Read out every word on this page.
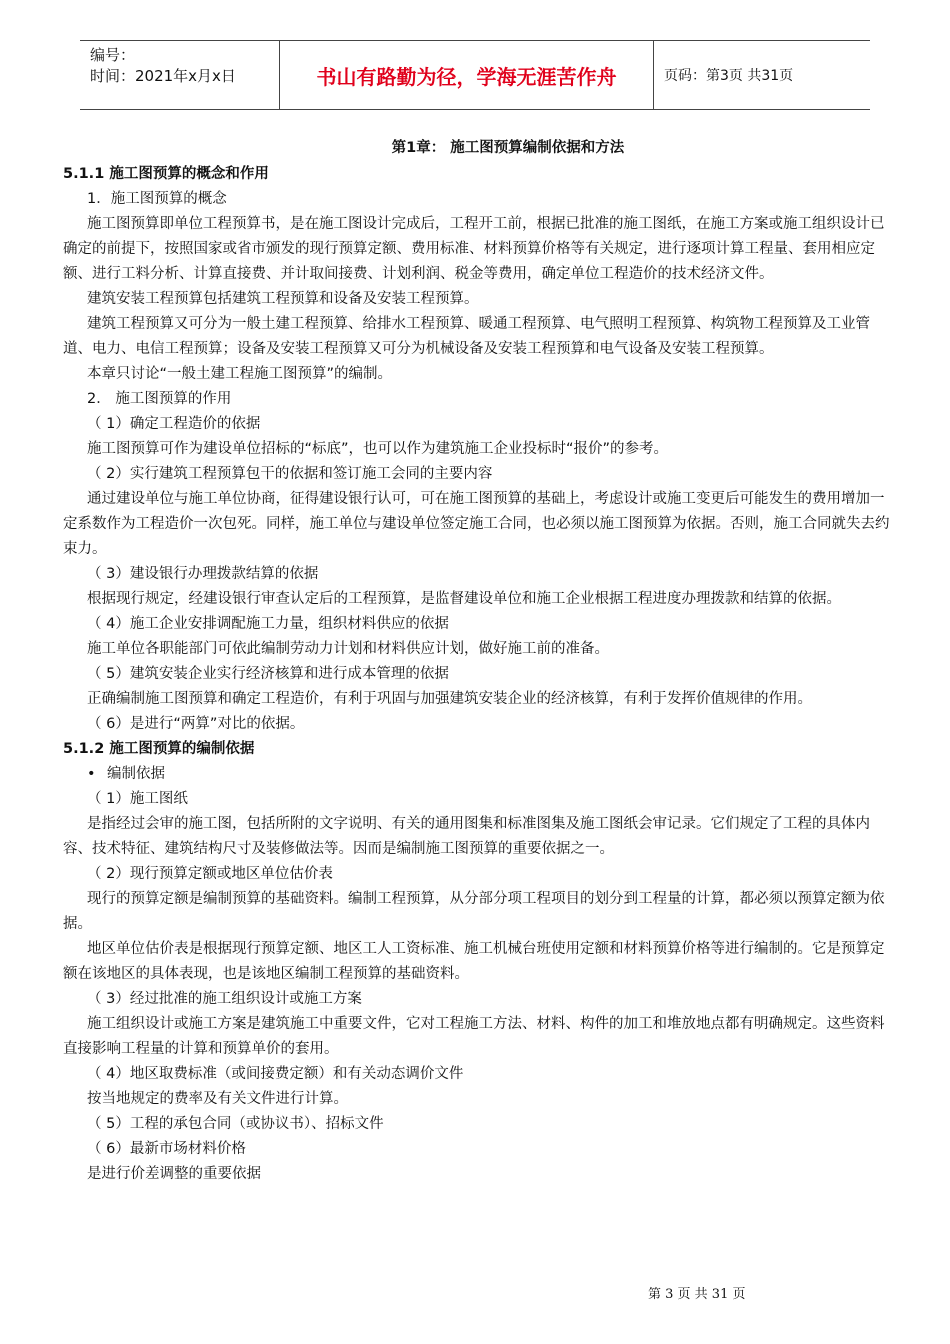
编号：
时间：2021年x月x日	书山有路勤为径，学海无涯苦作舟	页码：第3页 共31页

第1章： 施工图预算编制依据和方法

5.1.1 施工图预算的概念和作用

1．施工图预算的概念

施工图预算即单位工程预算书，是在施工图设计完成后，工程开工前，根据已批准的施工图纸，在施工方案或施工组织设计已确定的前提下，按照国家或省市颁发的现行预算定额、费用标准、材料预算价格等有关规定，进行逐项计算工程量、套用相应定额、进行工料分析、计算直接费、并计取间接费、计划利润、税金等费用，确定单位工程造价的技术经济文件。

建筑安装工程预算包括建筑工程预算和设备及安装工程预算。

建筑工程预算又可分为一般土建工程预算、给排水工程预算、暖通工程预算、电气照明工程预算、构筑物工程预算及工业管道、电力、电信工程预算；设备及安装工程预算又可分为机械设备及安装工程预算和电气设备及安装工程预算。

本章只讨论“一般土建工程施工图预算”的编制。

2． 施工图预算的作用

（ 1）确定工程造价的依据

施工图预算可作为建设单位招标的“标底”，也可以作为建筑施工企业投标时“报价”的参考。

（ 2）实行建筑工程预算包干的依据和签订施工会同的主要内容

通过建设单位与施工单位协商，征得建设银行认可，可在施工图预算的基础上，考虑设计或施工变更后可能发生的费用增加一定系数作为工程造价一次包死。同样，施工单位与建设单位签定施工合同，也必须以施工图预算为依据。否则，施工合同就失去约束力。

（ 3）建设银行办理拨款结算的依据

根据现行规定，经建设银行审查认定后的工程预算，是监督建设单位和施工企业根据工程进度办理拨款和结算的依据。

（ 4）施工企业安排调配施工力量，组织材料供应的依据

施工单位各职能部门可依此编制劳动力计划和材料供应计划，做好施工前的准备。

（ 5）建筑安装企业实行经济核算和进行成本管理的依据

正确编制施工图预算和确定工程造价，有利于巩固与加强建筑安装企业的经济核算，有利于发挥价值规律的作用。

（ 6）是进行“两算”对比的依据。

5.1.2 施工图预算的编制依据

• 编制依据

（ 1）施工图纸

是指经过会审的施工图，包括所附的文字说明、有关的通用图集和标准图集及施工图纸会审记录。它们规定了工程的具体内容、技术特征、建筑结构尺寸及装修做法等。因而是编制施工图预算的重要依据之一。

（ 2）现行预算定额或地区单位估价表

现行的预算定额是编制预算的基础资料。编制工程预算，从分部分项工程项目的划分到工程量的计算，都必须以预算定额为依据。

地区单位估价表是根据现行预算定额、地区工人工资标准、施工机械台班使用定额和材料预算价格等进行编制的。它是预算定额在该地区的具体表现，也是该地区编制工程预算的基础资料。

（ 3）经过批准的施工组织设计或施工方案

施工组织设计或施工方案是建筑施工中重要文件，它对工程施工方法、材料、构件的加工和堆放地点都有明确规定。这些资料直接影响工程量的计算和预算单价的套用。

（ 4）地区取费标准（或间接费定额）和有关动态调价文件

按当地规定的费率及有关文件进行计算。

（ 5）工程的承包合同（或协议书）、招标文件

（ 6）最新市场材料价格

是进行价差调整的重要依据

第 3 页 共 31 页
